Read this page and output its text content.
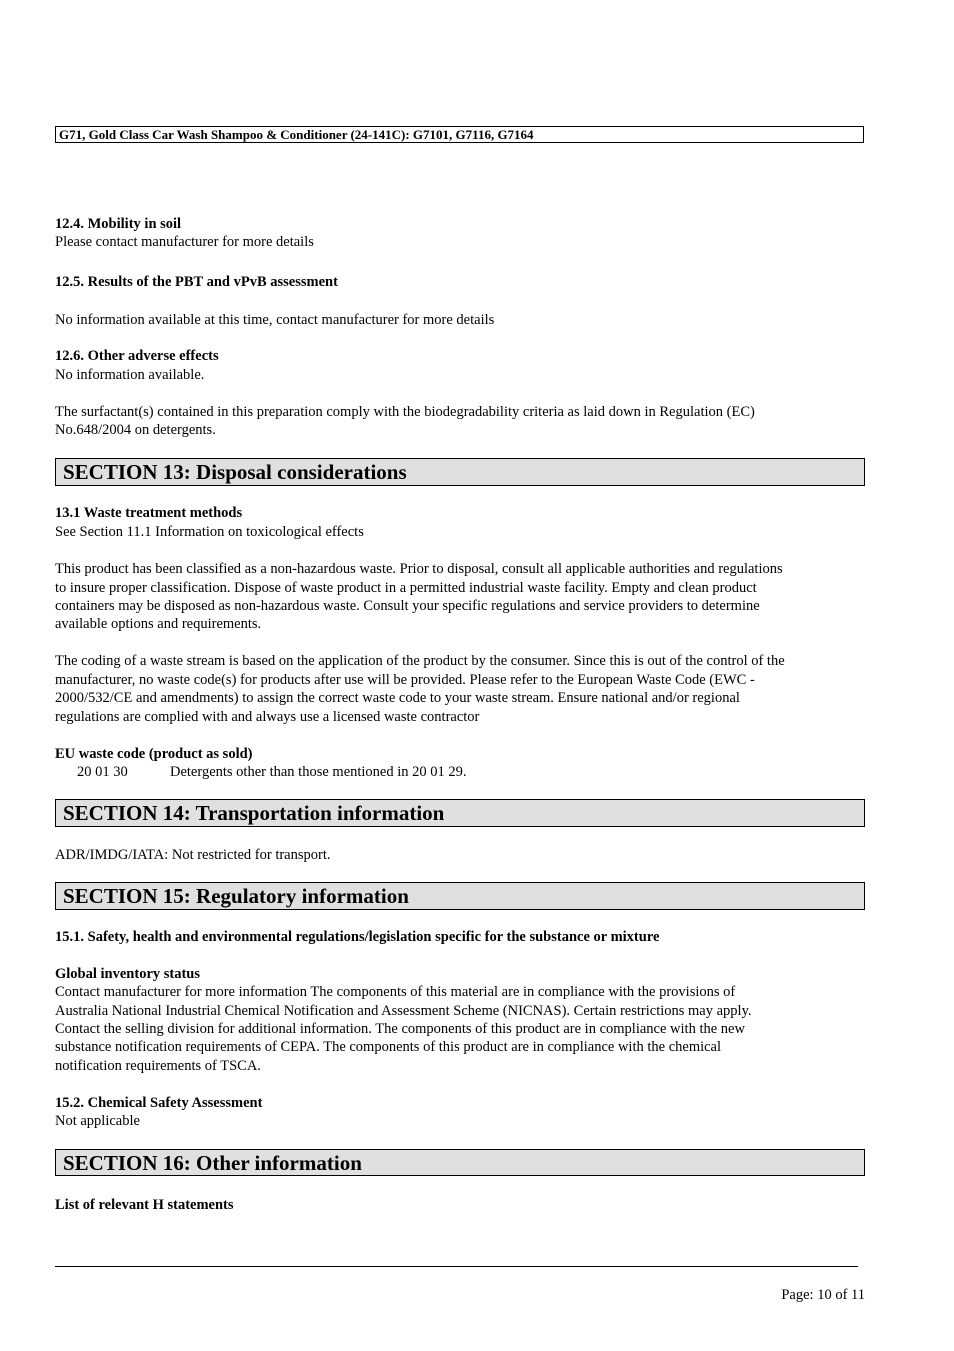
G71, Gold Class Car Wash Shampoo & Conditioner (24-141C): G7101, G7116, G7164
12.4. Mobility in soil
Please contact manufacturer for more details
12.5. Results of the PBT and vPvB assessment
No information available at this time, contact manufacturer for more details
12.6. Other adverse effects
No information available.
The surfactant(s) contained in this preparation comply with the biodegradability criteria as laid down in Regulation (EC)
No.648/2004 on detergents.
SECTION 13: Disposal considerations
13.1 Waste treatment methods
See Section 11.1 Information on toxicological effects
This product has been classified as a non-hazardous waste. Prior to disposal, consult all applicable authorities and regulations
to insure proper classification. Dispose of waste product in a permitted industrial waste facility. Empty and clean product
containers may be disposed as non-hazardous waste. Consult your specific regulations and service providers to determine
available options and requirements.
The coding of a waste stream is based on the application of the product by the consumer. Since this is out of the control of the
manufacturer, no waste code(s) for products after use will be provided. Please refer to the European Waste Code (EWC -
2000/532/CE and amendments) to assign the correct waste code to your waste stream. Ensure national and/or regional
regulations are complied with and always use a licensed waste contractor
EU waste code (product as sold)
20 01 30	Detergents other than those mentioned in 20 01 29.
SECTION 14: Transportation information
ADR/IMDG/IATA: Not restricted for transport.
SECTION 15: Regulatory information
15.1. Safety, health and environmental regulations/legislation specific for the substance or mixture
Global inventory status
Contact manufacturer for more information The components of this material are in compliance with the provisions of
Australia National Industrial Chemical Notification and Assessment Scheme (NICNAS). Certain restrictions may apply.
Contact the selling division for additional information. The components of this product are in compliance with the new
substance notification requirements of CEPA. The components of this product are in compliance with the chemical
notification requirements of TSCA.
15.2. Chemical Safety Assessment
Not applicable
SECTION 16: Other information
List of relevant H statements
Page: 10 of 11
